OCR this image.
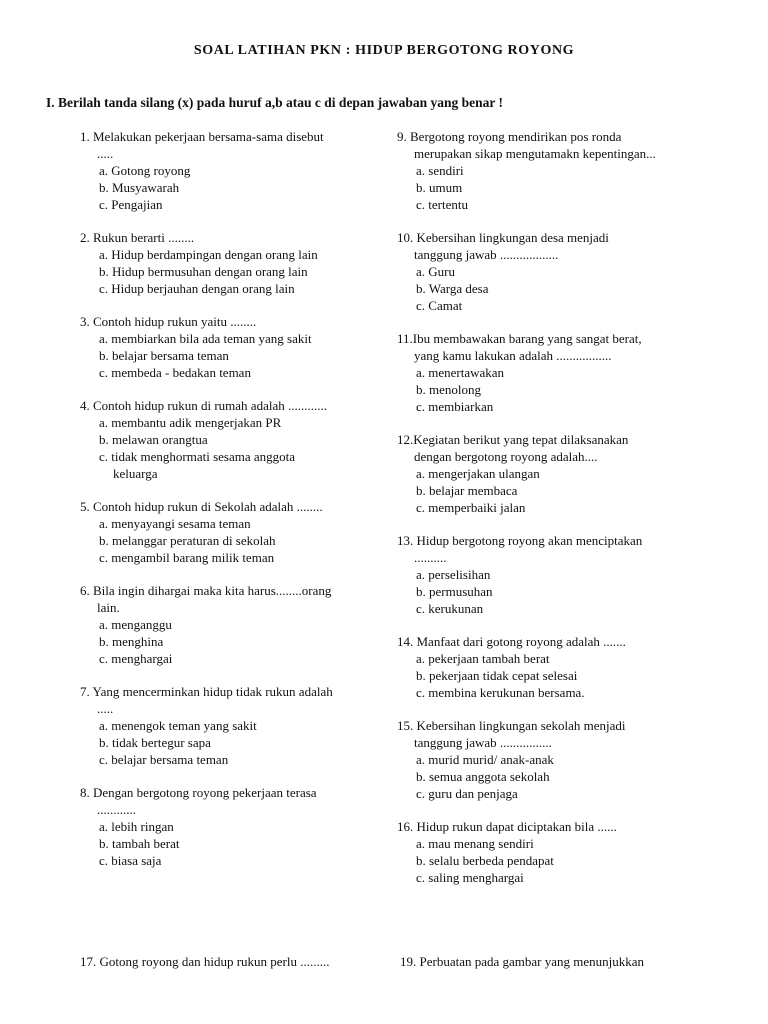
SOAL LATIHAN PKN : HIDUP BERGOTONG ROYONG
I. Berilah tanda silang (x) pada huruf a,b atau c di depan jawaban yang benar !
1. Melakukan pekerjaan bersama-sama disebut
.....
a. Gotong royong
b. Musyawarah
c. Pengajian
2. Rukun berarti ........
a. Hidup berdampingan dengan orang lain
b. Hidup bermusuhan dengan orang lain
c. Hidup berjauhan dengan orang lain
3. Contoh hidup rukun yaitu ........
a. membiarkan bila ada teman yang sakit
b. belajar bersama teman
c. membeda - bedakan teman
4. Contoh hidup rukun di rumah adalah ............
a. membantu adik mengerjakan PR
b. melawan orangtua
c. tidak menghormati sesama anggota
keluarga
5. Contoh hidup rukun di Sekolah adalah ........
a. menyayangi sesama teman
b. melanggar peraturan di sekolah
c. mengambil barang milik teman
6. Bila ingin dihargai maka kita harus........orang
lain.
a. menganggu
b. menghina
c. menghargai
7. Yang mencerminkan hidup tidak rukun adalah
.....
a. menengok teman yang sakit
b. tidak bertegur sapa
c. belajar bersama teman
8. Dengan bergotong royong pekerjaan terasa
............
a. lebih ringan
b. tambah berat
c. biasa saja
9. Bergotong royong mendirikan pos ronda
merupakan sikap mengutamakn kepentingan...
a. sendiri
b. umum
c. tertentu
10. Kebersihan lingkungan desa menjadi
tanggung jawab ..................
a. Guru
b. Warga desa
c. Camat
11.Ibu membawakan barang yang sangat berat,
yang kamu lakukan adalah .................
a. menertawakan
b. menolong
c. membiarkan
12.Kegiatan berikut yang tepat dilaksanakan
dengan bergotong royong adalah....
a. mengerjakan ulangan
b. belajar membaca
c. memperbaiki jalan
13. Hidup bergotong royong akan menciptakan
..........
a. perselisihan
b. permusuhan
c. kerukunan
14. Manfaat dari gotong royong adalah .......
a. pekerjaan tambah berat
b. pekerjaan tidak cepat selesai
c. membina kerukunan bersama.
15. Kebersihan lingkungan sekolah menjadi
tanggung jawab ................
a. murid murid/ anak-anak
b. semua anggota sekolah
c. guru dan penjaga
16. Hidup rukun dapat diciptakan bila ......
a. mau menang sendiri
b. selalu berbeda pendapat
c. saling menghargai
17. Gotong royong dan hidup rukun perlu .........	19. Perbuatan pada gambar yang menunjukkan
